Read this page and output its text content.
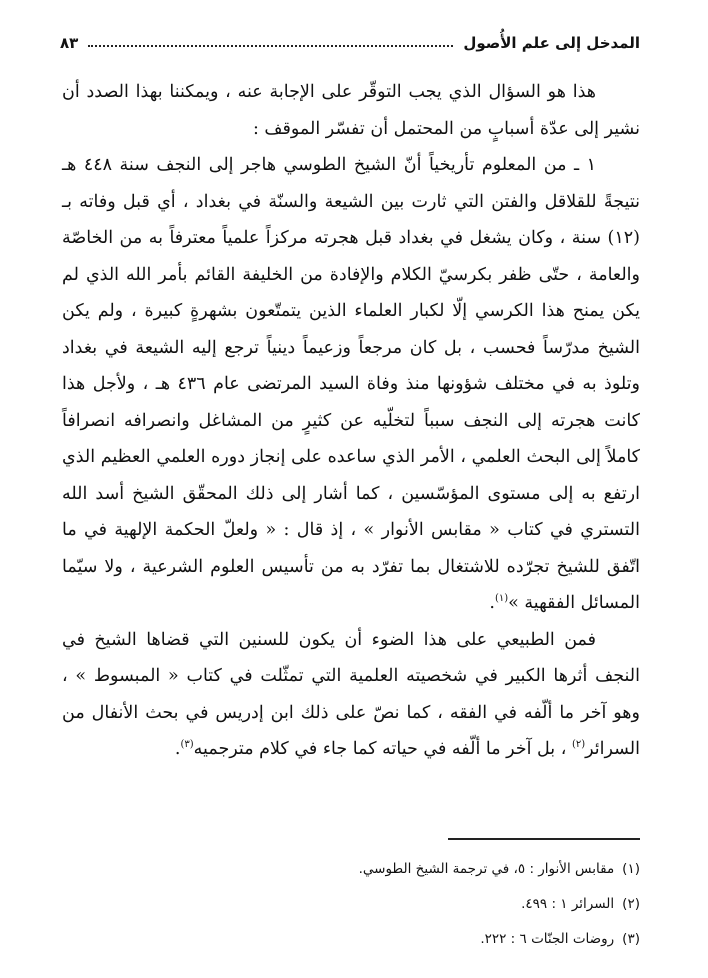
المدخل إلى علم الأُصول
٨٣

هذا هو السؤال الذي يجب التوقّر على الإجابة عنه ، ويمكننا بهذا الصدد أن نشير إلى عدّة أسبابٍ من المحتمل أن تفسّر الموقف :

١ ـ من المعلوم تأريخياً أنّ الشيخ الطوسي هاجر إلى النجف سنة ٤٤٨ هـ نتيجةً للقلاقل والفتن التي ثارت بين الشيعة والسنّة في بغداد ، أي قبل وفاته بـ (١٢) سنة ، وكان يشغل في بغداد قبل هجرته مركزاً علمياً معترفاً به من الخاصّة والعامة ، حتّى ظفر بكرسيّ الكلام والإفادة من الخليفة القائم بأمر الله الذي لم يكن يمنح هذا الكرسي إلّا لكبار العلماء الذين يتمتّعون بشهرةٍ كبيرة ، ولم يكن الشيخ مدرّساً فحسب ، بل كان مرجعاً وزعيماً دينياً ترجع إليه الشيعة في بغداد وتلوذ به في مختلف شؤونها منذ وفاة السيد المرتضى عام ٤٣٦ هـ ، ولأجل هذا كانت هجرته إلى النجف سبباً لتخلّيه عن كثيرٍ من المشاغل وانصرافه انصرافاً كاملاً إلى البحث العلمي ، الأمر الذي ساعده على إنجاز دوره العلمي العظيم الذي ارتفع به إلى مستوى المؤسّسين ، كما أشار إلى ذلك المحقّق الشيخ أسد الله التستري في كتاب « مقابس الأنوار » ، إذ قال : « ولعلّ الحكمة الإلهية في ما اتّفق للشيخ تجرّده للاشتغال بما تفرّد به من تأسيس العلوم الشرعية ، ولا سيّما المسائل الفقهية »$^{(١)}$.

فمن الطبيعي على هذا الضوء أن يكون للسنين التي قضاها الشيخ في النجف أثرها الكبير في شخصيته العلمية التي تمثّلت في كتاب « المبسوط » ، وهو آخر ما ألّفه في الفقه ، كما نصّ على ذلك ابن إدريس في بحث الأنفال من السرائر$^{(٢)}$ ، بل آخر ما ألّفه في حياته كما جاء في كلام مترجميه$^{(٣)}$.

(١)
مقابس الأنوار : ٥، في ترجمة الشيخ الطوسي.
(٢)
السرائر ١ : ٤٩٩.
(٣)
روضات الجنّات ٦ : ٢٢٢.
